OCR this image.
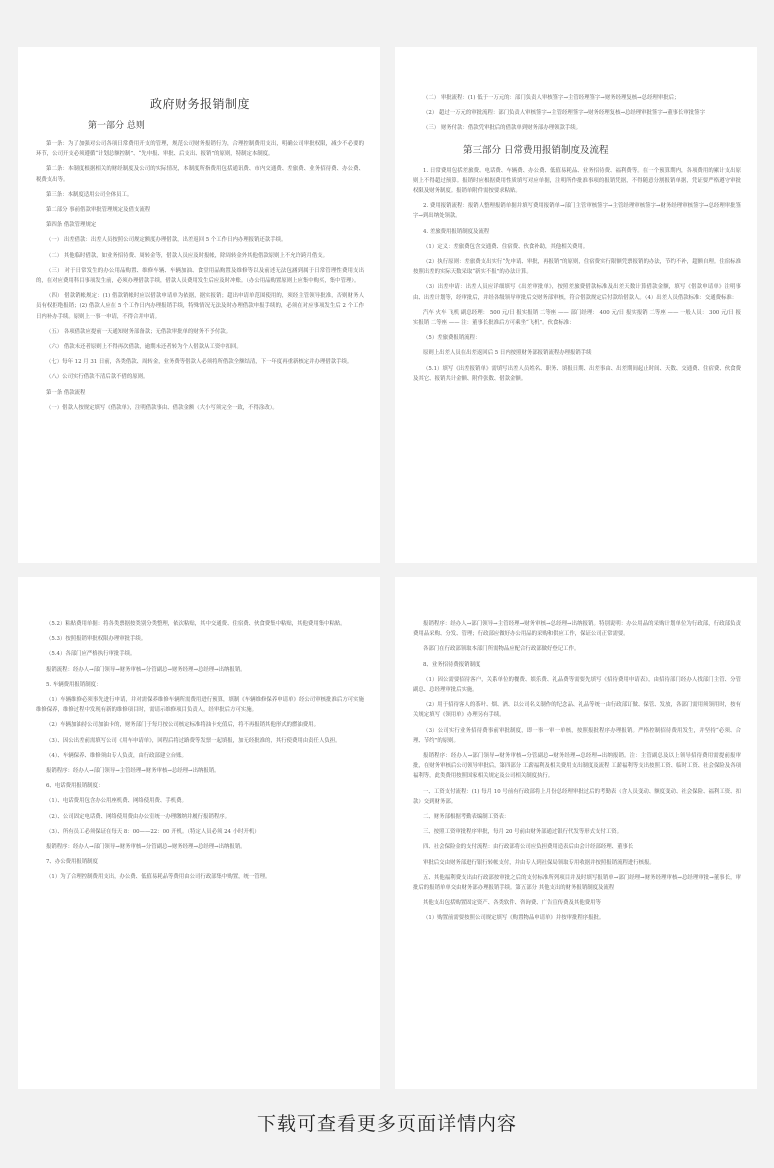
政府财务报销制度
第一部分 总则

第一条：为了加强对公司各项日常费用开支的管理，规范公司财务报销行为，合理控制费用支出，明确公司审批权限，减少不必要的环节，公司开支必须遵循“计划总额控制”、“先申报、审批、后支出、报销”的原则，特制定本制度。

第二条：本制度根据相关的财经制度及公司的实际情况，本制度所指费用包括通讯费、市内交通费、差旅费、业务招待费、办公费、税费支出等。

第三条：本制度适用公司全体员工。

第二部分 事前借款审批管理规定及借支流程

第四条 借款管理规定

（一） 出差借款：出差人员按照公司规定额度办理借款，出差返回 5 个工作日内办理报销还款手续。

（二） 其他临时借款，如业务招待费、周转金等，借款人员应及时报帐，除周转金外其他借款原则上不允许跨月借支。

（三） 对于日常发生的办公用品购置、维修车辆、车辆加油、食堂用品购置及维修等以及前述无法包涵到属于日常管理性费用支出的，在对应费用科目事项发生前，必须办理借款手续，借款人员费用发生后应及时冲账。（办公用品购置原则上应集中购买，集中管理）。

（四） 借款销帐规定：(1) 借款销帐时应以借款申请单为依据，据实报销；超出申请单范围使用的，须经主管领导批准，否则财务人员有权拒绝报销；(2) 借款人应在 5 个工作日内办理报销手续，特殊情况无法及时办理借款申报手续的，必须在对应事项发生后 2 个工作日内补办手续。原则上一事一申请，不得合并申请。

（五） 各项借款应提前一天通知财务部备款；无借款审批单的财务不予付款。

（六） 借款未还者原则上不得再次借款，逾期未还者转为个人借款从工资中扣回。

（七）每年 12 月 31 日前，各类借款、周转金，业务费等借款人必须将所借款全额结清，下一年度再重新核定并办理借款手续。

（八）公司实行借款不清后款不借的原则。

第一条 借款流程

（一）借款人按规定填写《借款单》，注明借款事由、借款金额（大小写须完全一致，不得涂改）。

（二） 审批流程：(1) 低于一万元的：部门负责人审核签字→主管经理签字→财务经理复核→总经理审批后；

（2） 超过一万元的审批流程：部门负责人审核签字→主管经理签字→财务经理复核→总经理审批签字→董事长审批签字

（三） 财务付款：借款凭审批后的借款单到财务部办理领款手续。

第三部分 日常费用报销制度及流程

1. 日常费用包括差旅费、电话费、车辆费、办公费、低值易耗品、业务招待费、福利费等。在一个预算期内，各项费用的累计支出原则上不得超过预算。报销时应根据费用性质填写对应单据，注明所作批准事项的报销凭据，不得随意分割报销单据，凭证要严格遵守审批权限及财务制度。报销单附件需按要求粘贴。

2. 费用报销流程：报销人整理报销单据并填写费用报销单→部门主管审核签字→主管经理审核签字→财务经理审核签字→总经理审批签字→到出纳处领款。

4. 差旅费用报销制度及流程

（1）定义：差旅费包含交通费、住宿费、伙食补助，其他相关费用。

（2）执行原则：差旅费支出实行“先申请、审批，再报销”的原则，住宿费实行限额凭票报销的办法，节约不补，超额自理。住宿标准按照出差的实际天数采取“新实不报”的办法计算。

（3）出差申请：出差人员应详细填写《出差审批单》，按照差旅费借款标准及出差天数计算借款金额，填写《借款申请单》注明事由、出差计划等，经审批后，并经各级领导审批后交财务部审核，符合借款规定后付款给借款人。（4）出差人员借款标准：交通费标准：

汽车 火车 飞机 副总经理： 500 元/日 报实报销 二等座 —— 部门经理： 400 元/日 报实报销 二等座 —— 一般人员： 300 元/日 报实报销 二等座 —— 注：董事长批准后方可乘坐“飞机”。伙食标准：

（5）差旅费报销流程：

原则上出差人员在出差返回后 5 日内按照财务部报销流程办理报销手续

（5.1）填写《出差报销单》需填写出差人员姓名、职务、填报日期、出差事由、出差期间起止时间、天数、交通费、住宿费、伙食费及其它、报销共计金额、附件张数、借款金额。

（5.2）粘贴费用单据：将各类票据按类别分类整理，依次粘贴，其中交通费、住宿费、伙食费集中粘贴，其他费用集中粘贴。

（5.3）按照报销审批权限办理审批手续。

（5.4）各部门应严格执行审批手续。

报销流程：经办人→部门领导→财务审核→分管副总→财务经理→总经理→出纳报销。

5. 车辆费用报销制度：

（1）车辆维修必须事先进行申请，并对需保养维修车辆所需费用进行预算，填制《车辆维修保养申请单》经公司审核批准后方可实施维修保养，维修过程中发现有新的维修项目时，需请示维修项目负责人，经审批后方可实施。

（2）车辆加油持公司加油卡的，财务部门于每月按公司核定标准将油卡充值后，将不再报销其他形式的燃油费用。

（3）、因公出差前需填写公司《用车申请单》，回程后将过路费等发票一起填报，加无经批准的，其行使费用由责任人负担。

（4）、车辆保养、维修须由专人负责，由行政部建立台账。

报销程序：经办人→部门领导→主管经理→财务审核→总经理→出纳报销。

6、电话费用报销制度：

（1）、电话费用包含办公用座机费、网络使用费、手机费。

（2）、公司固定电话费、网络使用费由办公室统一办理缴纳并履行报销程序。

（3）、所有员工必须保证在每天 8：00——22：00 开机。（特定人员必须 24 小时开机）

报销程序：经办人→部门领导→财务审核→分管副总→财务经理→总经理→出纳报销。

7、办公费用报销制度

（1）为了合理控制费用支出，办公费、低值易耗品等费用由公司行政部集中购置，统一管理。

报销程序：经办人→部门领导→主管经理→财务审核→总经理→出纳报销。特别说明：办公用品的采购计划单位为行政部，行政部负责费用品采购、分发、管理；行政部应做好办公用品的采购和供应工作，保证公司正常需要。

各部门在行政部领取本部门所需物品应配合行政部做好登记工作。

8、业务招待费报销制度

（1）因公需要招待客户，关系单位的餐费、娱乐费、礼品费等需要先填写《招待费用申请表》，由招待部门经办人找部门主管、分管副总、总经理审批后实施。

（2）用于招待客人的茶叶、烟、酒、以公司名义制作的纪念品、礼品等统一由行政部订做、保管、发放，各部门需用须领用时，按有关规定填写《领用单》办理另有手续。

（3）公司实行业务招待费事前审批制度，即一事一审一单核，按照报批程序办理报销。严格控制招待费用发生，并坚持“必须、合理、节约”的原则。

报销程序：经办人→部门领导→财务审核→分管副总→财务经理→总经理→出纳报销。注：主管副总及以上领导招待费用需提前报审批，在财务审核后公司领导审批后，第四部分 工薪福利及相关费用支出制度及流程 工薪福利等支出按照工资、临时工资、社会保险及各项福利等，此类费用按照国家相关规定及公司相关制度执行。

一、工资支付流程：(1) 每月 10 号前有行政部将上月份总经理审批过后的考勤表（含人员变动、额度变动、社会保险、福利工资、扣款）交到财务部。

二、财务部根据考勤表编制工资表：

三、按照工资审批程序审批，每月 20 号前由财务部通过银行代发等形式支付工资。

四、社会保险金的支付流程：由行政部将公司应负担费用造表后由会计经部经理、董事长

审批后交由财务部进行银行转帐支付，并由专人到社保局领取专用收据并按照报销流程进行核报。

五、其他福利费支出由行政部按审批之后的支付标准所列项目并及时填写报销单→部门经理→财务经理审核→总经理审批→董事长，审批后的报销单单交由财务部办理报销手续。第五部分 其他支出的财务报销制度及流程

其他支出包括购置固定资产、各类软件、咨询费、广告宣传费及其他费用等

（1）购置前需要按照公司规定填写《购置物品申请单》并按审批程序报批。

下载可查看更多页面详情内容
